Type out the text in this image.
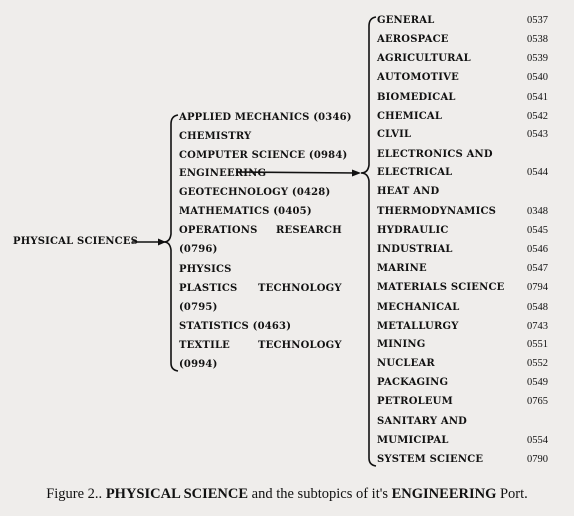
PHYSICAL SCIENCES
APPLIED MECHANICS (0346)
CHEMISTRY
COMPUTER SCIENCE (0984)
ENGINEERING
GEOTECHNOLOGY (0428)
MATHEMATICS (0405)
OPERATIONS RESEARCH
(0796)
PHYSICS
PLASTICS TECHNOLOGY
(0795)
STATISTICS (0463)
TEXTILE	TECHNOLOGY
(0994)
GENERAL
AEROSPACE
AGRICULTURAL
AUTOMOTIVE
BIOMEDICAL
CHEMICAL
CLVIL
ELECTRONICS AND
ELECTRICAL
HEAT AND
THERMODYNAMICS
HYDRAULIC
INDUSTRIAL
MARINE
MATERIALS SCIENCE
MECHANICAL
METALLURGY
MINING
NUCLEAR
PACKAGING
PETROLEUM
SANITARY AND
MUMICIPAL
SYSTEM SCIENCE
0537
0538
0539
0540
0541
0542
0543
0544
0348
0545
0546
0547
0794
0548
0743
0551
0552
0549
0765
0554
0790
Figure 2.. PHYSICAL SCIENCE and the subtopics of it's ENGINEERING Port.
